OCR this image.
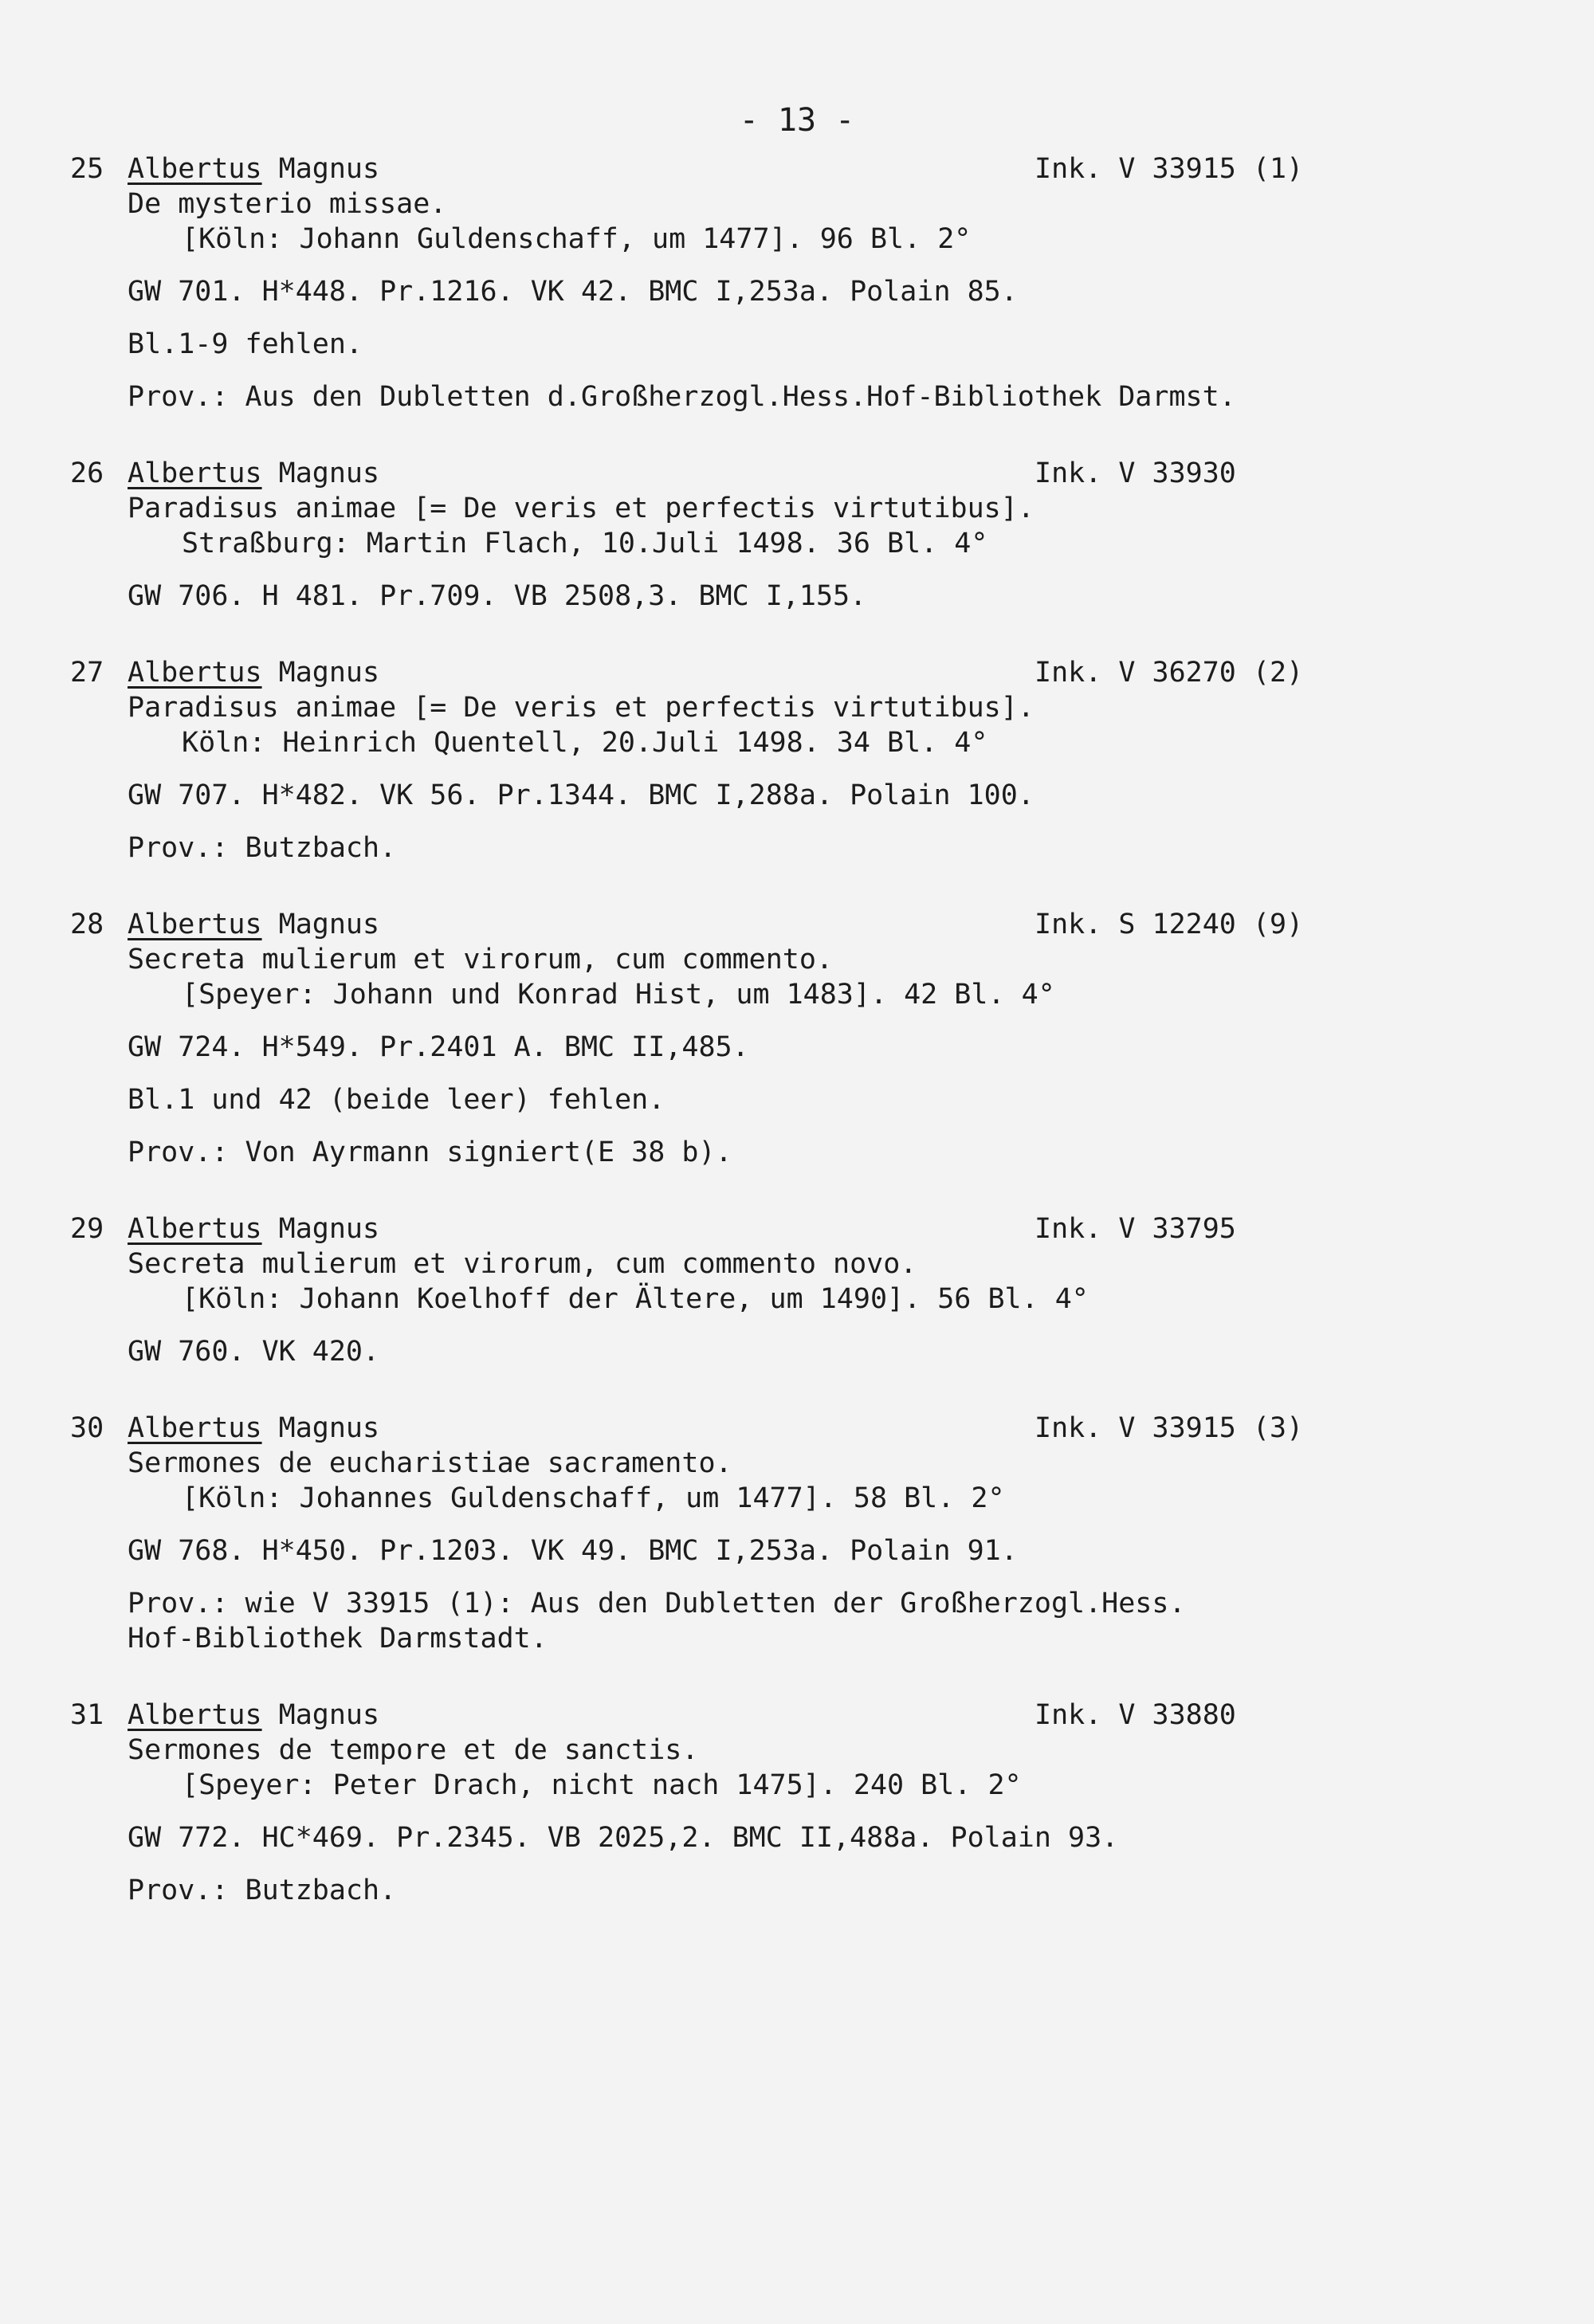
- 13 -
25 Albertus Magnus	Ink. V 33915 (1)
De mysterio missae.
[Köln: Johann Guldenschaff, um 1477]. 96 Bl. 2°
GW 701. H*448. Pr.1216. VK 42. BMC I,253a. Polain 85.
Bl.1-9 fehlen.
Prov.: Aus den Dubletten d.Großherzogl.Hess.Hof-Bibliothek Darmst.
26 Albertus Magnus	Ink. V 33930
Paradisus animae [= De veris et perfectis virtutibus].
Straßburg: Martin Flach, 10.Juli 1498. 36 Bl. 4°
GW 706. H 481. Pr.709. VB 2508,3. BMC I,155.
27 Albertus Magnus	Ink. V 36270 (2)
Paradisus animae [= De veris et perfectis virtutibus].
Köln: Heinrich Quentell, 20.Juli 1498. 34 Bl. 4°
GW 707. H*482. VK 56. Pr.1344. BMC I,288a. Polain 100.
Prov.: Butzbach.
28 Albertus Magnus	Ink. S 12240 (9)
Secreta mulierum et virorum, cum commento.
[Speyer: Johann und Konrad Hist, um 1483]. 42 Bl. 4°
GW 724. H*549. Pr.2401 A. BMC II,485.
Bl.1 und 42 (beide leer) fehlen.
Prov.: Von Ayrmann signiert(E 38 b).
29 Albertus Magnus	Ink. V 33795
Secreta mulierum et virorum, cum commento novo.
[Köln: Johann Koelhoff der Ältere, um 1490]. 56 Bl. 4°
GW 760. VK 420.
30 Albertus Magnus	Ink. V 33915 (3)
Sermones de eucharistiae sacramento.
[Köln: Johannes Guldenschaff, um 1477]. 58 Bl. 2°
GW 768. H*450. Pr.1203. VK 49. BMC I,253a. Polain 91.
Prov.: wie V 33915 (1): Aus den Dubletten der Großherzogl.Hess.
Hof-Bibliothek Darmstadt.
31 Albertus Magnus	Ink. V 33880
Sermones de tempore et de sanctis.
[Speyer: Peter Drach, nicht nach 1475]. 240 Bl. 2°
GW 772. HC*469. Pr.2345. VB 2025,2. BMC II,488a. Polain 93.
Prov.: Butzbach.
